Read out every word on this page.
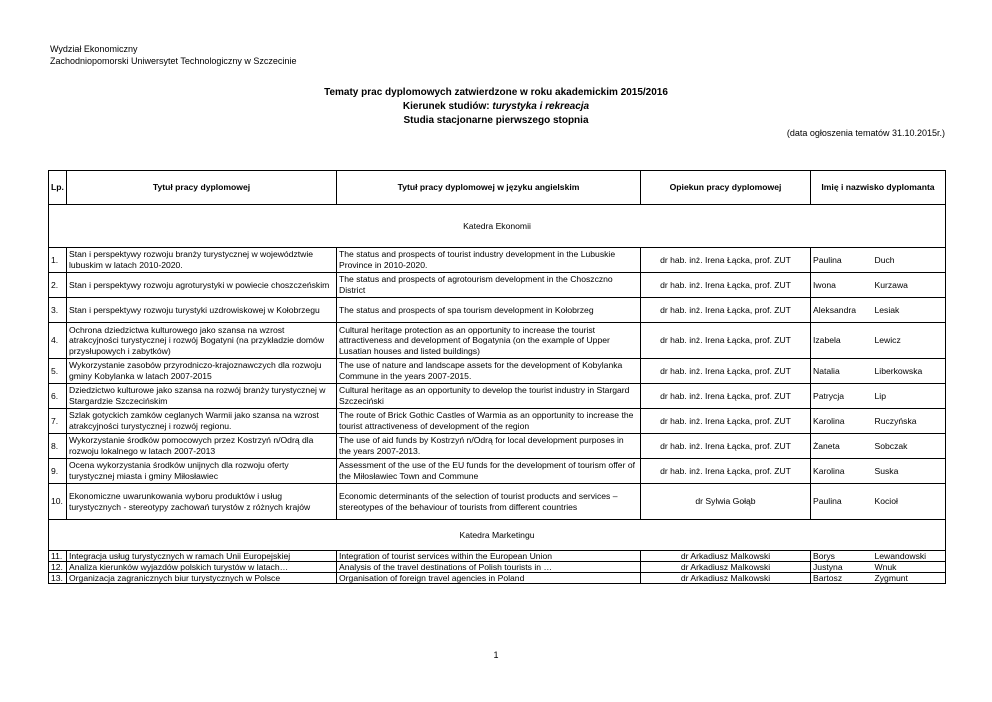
Wydział Ekonomiczny
Zachodniopomorski Uniwersytet Technologiczny w Szczecinie
Tematy prac dyplomowych zatwierdzone w roku akademickim 2015/2016
Kierunek studiów: turystyka i rekreacja
Studia stacjonarne pierwszego stopnia
(data ogłoszenia tematów 31.10.2015r.)
Lp.	Tytuł pracy dyplomowej	Tytuł pracy dyplomowej w języku angielskim	Opiekun pracy dyplomowej	Imię i nazwisko dyplomanta	
Katedra Ekonomii					
1.	Stan i perspektywy rozwoju branży turystycznej w województwie lubuskim w latach 2010-2020.	The status and prospects of tourist industry development in the Lubuskie Province in 2010-2020.	dr hab. inż. Irena Łącka, prof. ZUT	Paulina	Duch
2.	Stan i perspektywy rozwoju agroturystyki w powiecie choszczeńskim	The status and prospects of agrotourism development in the Choszczno District	dr hab. inż. Irena Łącka, prof. ZUT	Iwona	Kurzawa
3.	Stan i perspektywy rozwoju turystyki uzdrowiskowej w Kołobrzegu	The status and prospects of spa tourism development in Kołobrzeg	dr hab. inż. Irena Łącka, prof. ZUT	Aleksandra	Lesiak
4.	Ochrona dziedzictwa kulturowego jako szansa na wzrost atrakcyjności turystycznej i rozwój Bogatyni (na przykładzie domów przysłupowych i zabytków)	Cultural heritage protection as an opportunity to increase the tourist attractiveness and development of Bogatynia (on the example of Upper Lusatian houses and listed buildings)	dr hab. inż. Irena Łącka, prof. ZUT	Izabela	Lewicz
5.	Wykorzystanie zasobów przyrodniczo-krajoznawczych dla rozwoju gminy Kobylanka w latach 2007-2015	The use of nature and landscape assets for the development of Kobylanka Commune in the years 2007-2015.	dr hab. inż. Irena Łącka, prof. ZUT	Natalia	Liberkowska
6.	Dziedzictwo kulturowe jako szansa na rozwój branży turystycznej w Stargardzie Szczecińskim	Cultural heritage as an opportunity to develop the tourist industry in Stargard Szczeciński	dr hab. inż. Irena Łącka, prof. ZUT	Patrycja	Lip
7.	Szlak gotyckich zamków ceglanych Warmii jako szansa na wzrost atrakcyjności turystycznej i rozwój regionu.	The route of Brick Gothic Castles of Warmia as an opportunity to increase the tourist attractiveness of development of the region	dr hab. inż. Irena Łącka, prof. ZUT	Karolina	Ruczyńska
8.	Wykorzystanie środków pomocowych przez Kostrzyń n/Odrą dla rozwoju lokalnego w latach 2007-2013	The use of aid funds by Kostrzyń n/Odrą for local development purposes in the years 2007-2013.	dr hab. inż. Irena Łącka, prof. ZUT	Żaneta	Sobczak
9.	Ocena wykorzystania środków unijnych dla rozwoju oferty turystycznej miasta i gminy Miłosławiec	Assessment of the use of the EU funds for the development of tourism offer of the Miłosławiec Town and Commune	dr hab. inż. Irena Łącka, prof. ZUT	Karolina	Suska
10.	Ekonomiczne uwarunkowania wyboru produktów i usług turystycznych - stereotypy zachowań turystów z różnych krajów	Economic determinants of the selection of tourist products and services – stereotypes of the behaviour of tourists from different countries	dr Sylwia Gołąb	Paulina	Kocioł
Katedra Marketingu					
11.	Integracja usług turystycznych w ramach Unii Europejskiej	Integration of tourist services within the European Union	dr Arkadiusz Malkowski	Borys	Lewandowski
12.	Analiza kierunków wyjazdów polskich turystów w latach…	Analysis of the travel destinations of Polish tourists in …	dr Arkadiusz Malkowski	Justyna	Wnuk
13.	Organizacja zagranicznych biur turystycznych w Polsce	Organisation of foreign travel agencies in Poland	dr Arkadiusz Malkowski	Bartosz	Zygmunt
1
